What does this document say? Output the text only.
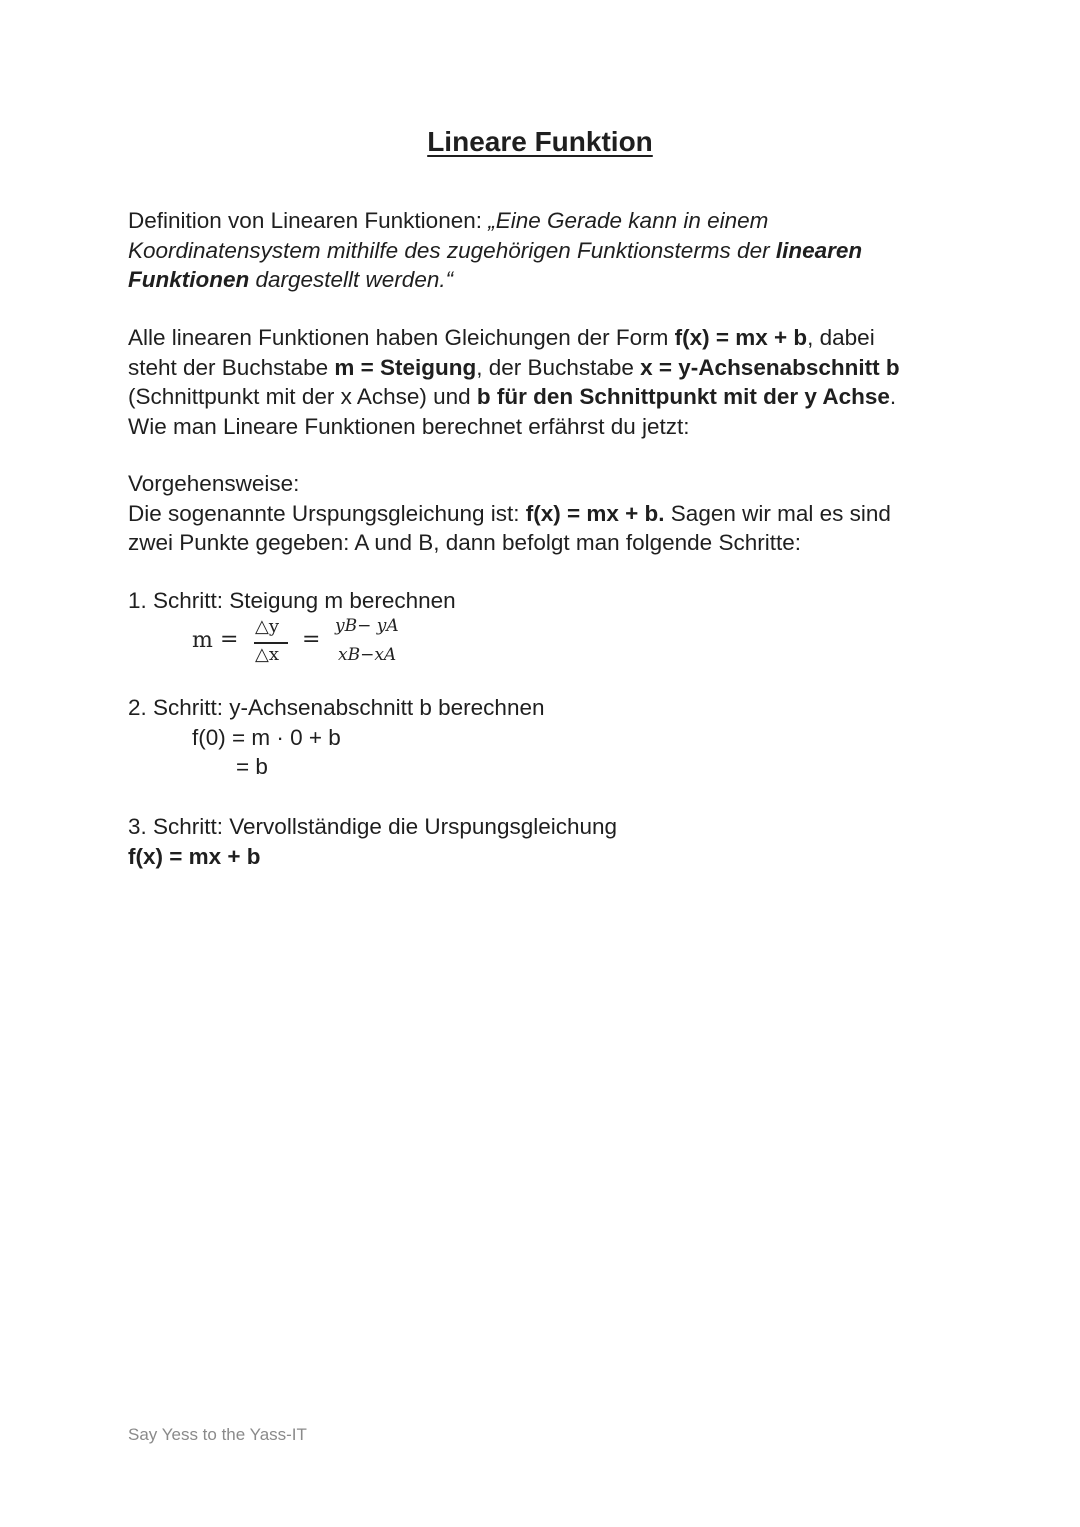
Lineare Funktion

Definition von Linearen Funktionen: „Eine Gerade kann in einem
Koordinatensystem mithilfe des zugehörigen Funktionsterms der linearen
Funktionen dargestellt werden.“

Alle linearen Funktionen haben Gleichungen der Form f(x) = mx + b, dabei
steht der Buchstabe m = Steigung, der Buchstabe x = y-Achsenabschnitt b
(Schnittpunkt mit der x Achse) und b für den Schnittpunkt mit der y Achse.
Wie man Lineare Funktionen berechnet erfährst du jetzt:

Vorgehensweise:
Die sogenannte Urspungsgleichung ist: f(x) = mx + b. Sagen wir mal es sind
zwei Punkte gegeben: A und B, dann befolgt man folgende Schritte:

1. Schritt: Steigung m berechnen

m =
△y
△x
=
yB− yA
xB−xA

2. Schritt: y-Achsenabschnitt b berechnen

f(0) = m · 0 + b

= b

3. Schritt: Vervollständige die Urspungsgleichung
f(x) = mx + b

Say Yess to the Yass-IT
